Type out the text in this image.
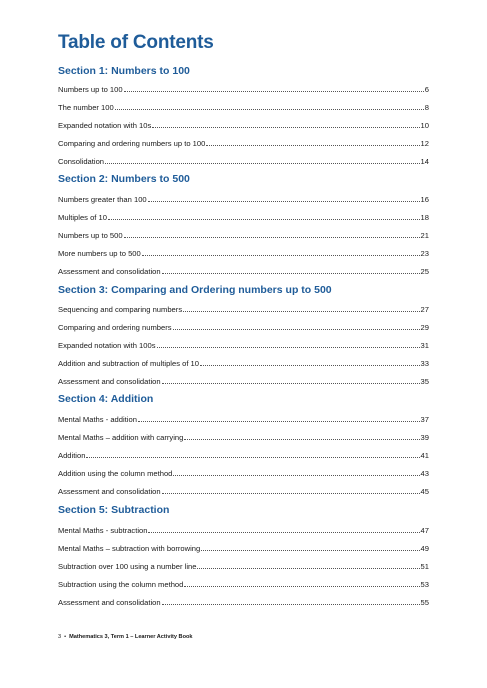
Table of Contents
Section 1: Numbers to 100
Numbers up to 100	6
The number 100	8
Expanded notation with 10s	10
Comparing and ordering numbers up to 100	12
Consolidation	14
Section 2: Numbers to 500
Numbers greater than 100	16
Multiples of 10	18
Numbers up to 500	21
More numbers up to 500	23
Assessment and consolidation	25
Section 3: Comparing and Ordering numbers up to 500
Sequencing and comparing numbers	27
Comparing and ordering numbers	29
Expanded notation with 100s	31
Addition and subtraction of multiples of 10	33
Assessment and consolidation	35
Section 4: Addition
Mental Maths - addition	37
Mental Maths – addition with carrying	39
Addition	41
Addition using the column method	43
Assessment and consolidation	45
Section 5: Subtraction
Mental Maths - subtraction	47
Mental Maths – subtraction with borrowing	49
Subtraction over 100 using a number line	51
Subtraction using the column method	53
Assessment and consolidation	55
3 • Mathematics 3, Term 1 – Learner Activity Book
